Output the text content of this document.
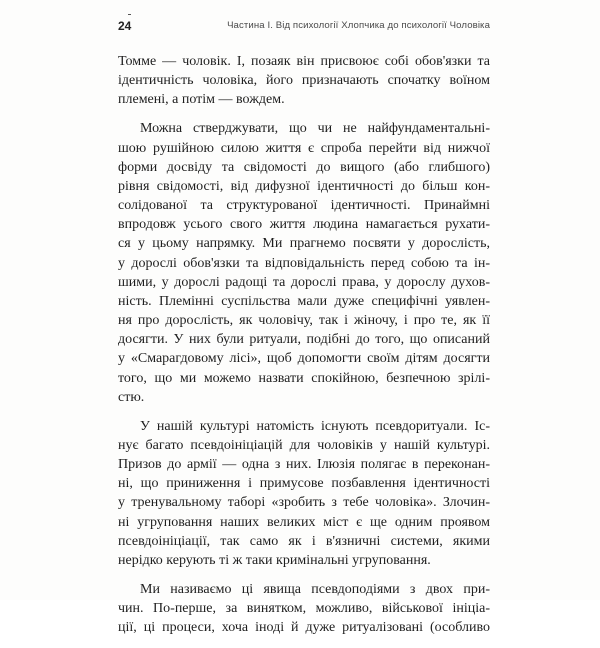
24	Частина I. Від психології Хлопчика до психології Чоловіка

Томме — чоловік. І, позаяк він присвоює собі обов'язки та
ідентичність чоловіка, його призначають спочатку воїном
племені, а потім — вождем.

Можна стверджувати, що чи не найфундаментальні-
шою рушійною силою життя є спроба перейти від нижчої
форми досвіду та свідомості до вищого (або глибшого)
рівня свідомості, від дифузної ідентичності до більш кон-
солідованої та структурованої ідентичності. Принаймні
впродовж усього свого життя людина намагається рухати-
ся у цьому напрямку. Ми прагнемо посвяти у дорослість,
у дорослі обов'язки та відповідальність перед собою та ін-
шими, у дорослі радощі та дорослі права, у дорослу духов-
ність. Племінні суспільства мали дуже специфічні уявлен-
ня про дорослість, як чоловічу, так і жіночу, і про те, як її
досягти. У них були ритуали, подібні до того, що описаний
у «Смарагдовому лісі», щоб допомогти своїм дітям досягти
того, що ми можемо назвати спокійною, безпечною зрілі-
стю.

У нашій культурі натомість існують псевдоритуали. Іс-
нує багато псевдоініціацій для чоловіків у нашій культурі.
Призов до армії — одна з них. Ілюзія полягає в переконан-
ні, що приниження і примусове позбавлення ідентичності
у тренувальному таборі «зробить з тебе чоловіка». Злочин-
ні угруповання наших великих міст є ще одним проявом
псевдоініціації, так само як і в'язничні системи, якими
нерідко керують ті ж таки кримінальні угруповання.

Ми називаємо ці явища псевдоподіями з двох при-
чин. По-перше, за винятком, можливо, військової ініціа-
ції, ці процеси, хоча іноді й дуже ритуалізовані (особливо
